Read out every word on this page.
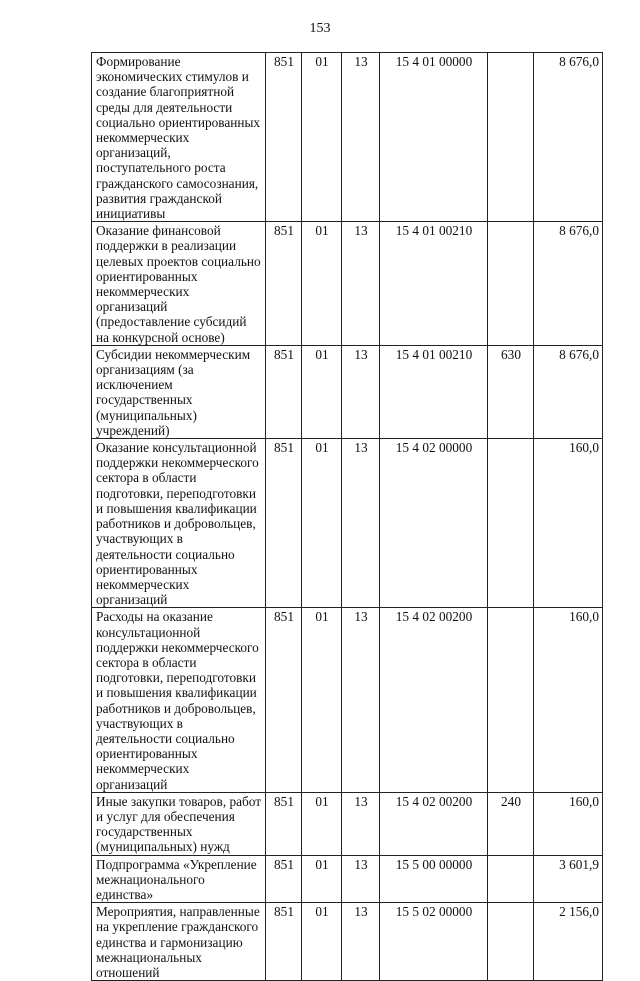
153
Формирование экономических стимулов и создание благоприятной среды для деятельности социально ориентированных некоммерческих организаций, поступательного роста гражданского самосознания, развития гражданской инициативы	851	01	13	15 4 01 00000		8 676,0
Оказание финансовой поддержки в реализации целевых проектов социально ориентированных некоммерческих организаций (предоставление субсидий на конкурсной основе)	851	01	13	15 4 01 00210		8 676,0
Субсидии некоммерческим организациям (за исключением государственных (муниципальных) учреждений)	851	01	13	15 4 01 00210	630	8 676,0
Оказание консультационной поддержки некоммерческого сектора в области подготовки, переподготовки и повышения квалификации работников и добровольцев, участвующих в деятельности социально ориентированных некоммерческих организаций	851	01	13	15 4 02 00000		160,0
Расходы на оказание консультационной поддержки некоммерческого сектора в области подготовки, переподготовки и повышения квалификации работников и добровольцев, участвующих в деятельности социально ориентированных некоммерческих организаций	851	01	13	15 4 02 00200		160,0
Иные закупки товаров, работ и услуг для обеспечения государственных (муниципальных) нужд	851	01	13	15 4 02 00200	240	160,0
Подпрограмма «Укрепление межнационального единства»	851	01	13	15 5 00 00000		3 601,9
Мероприятия, направленные на укрепление гражданского единства и гармонизацию межнациональных отношений	851	01	13	15 5 02 00000		2 156,0
